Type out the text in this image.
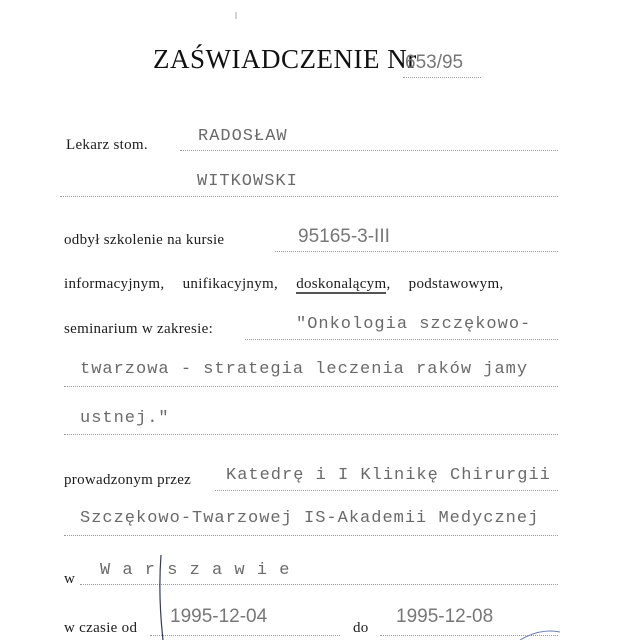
ZAŚWIADCZENIE Nr
653/95
Lekarz stom.	RADOSŁAW
WITKOWSKI
odbył szkolenie na kursie	95165-3-III
informacyjnym, unifikacyjnym, doskonalącym, podstawowym,
seminarium w zakresie:	"Onkologia szczękowo-
twarzowa - strategia leczenia raków jamy
ustnej."
prowadzonym przez Katedrę i I Klinikę Chirurgii
Szczękowo-Twarzowej IS-Akademii Medycznej
w W a r s z a w i e
w czasie od
1995-12-04
do
1995-12-08
